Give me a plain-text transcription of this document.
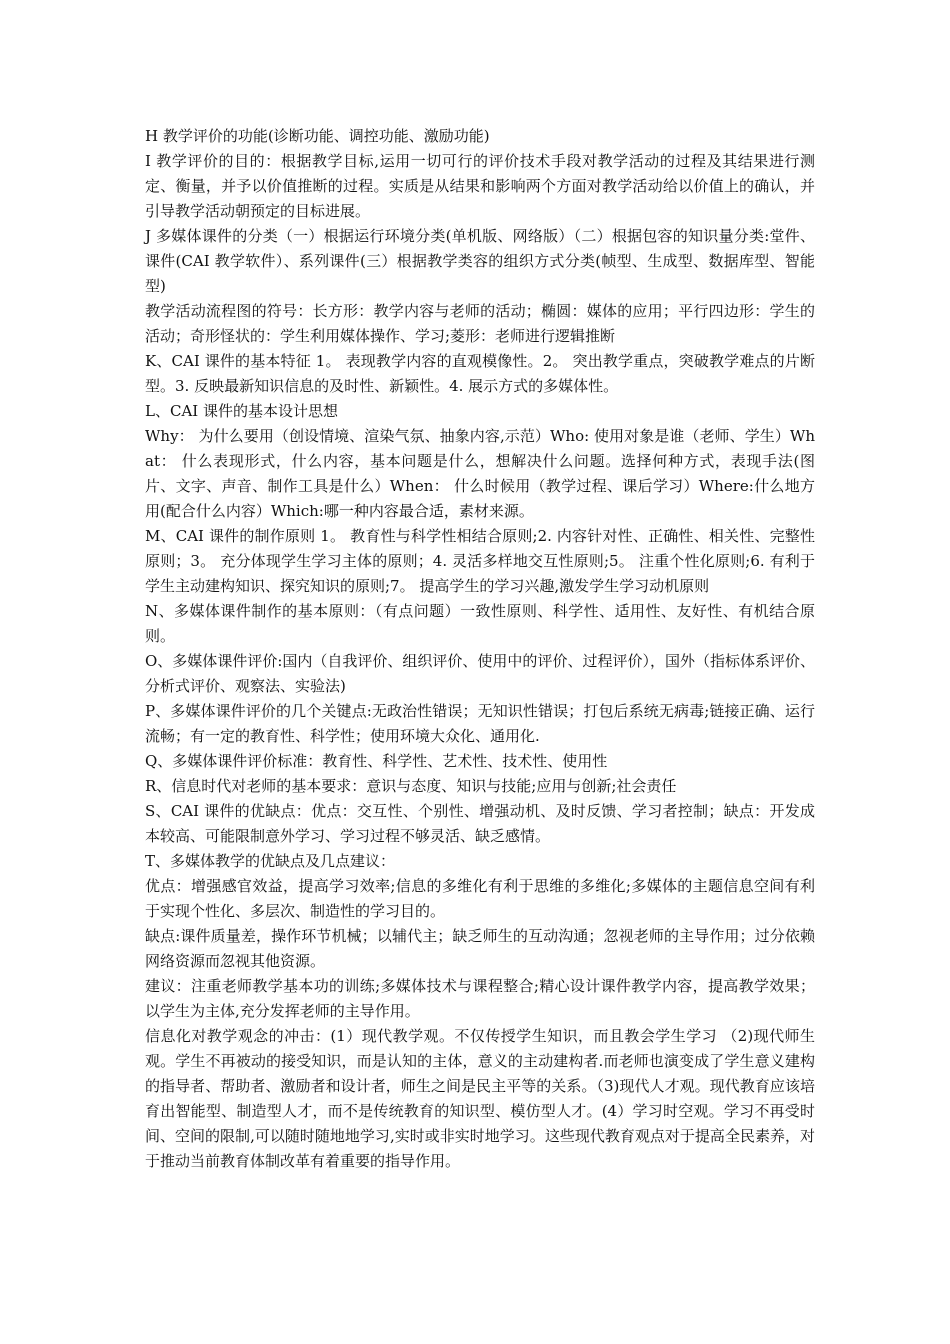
H 教学评价的功能(诊断功能、调控功能、激励功能)

I 教学评价的目的：根据教学目标,运用一切可行的评价技术手段对教学活动的过程及其结果进行测定、衡量，并予以价值推断的过程。实质是从结果和影响两个方面对教学活动给以价值上的确认，并引导教学活动朝预定的目标进展。

J 多媒体课件的分类（一）根据运行环境分类(单机版、网络版）（二）根据包容的知识量分类:堂件、课件(CAI 教学软件）、系列课件(三）根据教学类容的组织方式分类(帧型、生成型、数据库型、智能型)

教学活动流程图的符号：长方形：教学内容与老师的活动；椭圆：媒体的应用；平行四边形：学生的活动；奇形怪状的：学生利用媒体操作、学习;菱形：老师进行逻辑推断

K、CAI 课件的基本特征 1。 表现教学内容的直观模像性。2。 突出教学重点，突破教学难点的片断型。3. 反映最新知识信息的及时性、新颖性。4. 展示方式的多媒体性。

L、CAI 课件的基本设计思想

Why： 为什么要用（创设情境、渲染气氛、抽象内容,示范）Who: 使用对象是谁（老师、学生）What： 什么表现形式，什么内容，基本问题是什么，想解决什么问题。选择何种方式，表现手法(图片、文字、声音、制作工具是什么）When： 什么时候用（教学过程、课后学习）Where:什么地方用(配合什么内容）Which:哪一种内容最合适，素材来源。

M、CAI 课件的制作原则 1。 教育性与科学性相结合原则;2. 内容针对性、正确性、相关性、完整性原则；3。 充分体现学生学习主体的原则；4. 灵活多样地交互性原则;5。 注重个性化原则;6. 有利于学生主动建构知识、探究知识的原则;7。 提高学生的学习兴趣,激发学生学习动机原则

N、多媒体课件制作的基本原则：（有点问题）一致性原则、科学性、适用性、友好性、有机结合原则。

O、多媒体课件评价:国内（自我评价、组织评价、使用中的评价、过程评价），国外（指标体系评价、分析式评价、观察法、实验法)

P、多媒体课件评价的几个关键点:无政治性错误；无知识性错误；打包后系统无病毒;链接正确、运行流畅；有一定的教育性、科学性；使用环境大众化、通用化.

Q、多媒体课件评价标准：教育性、科学性、艺术性、技术性、使用性

R、信息时代对老师的基本要求：意识与态度、知识与技能;应用与创新;社会责任

S、CAI 课件的优缺点：优点：交互性、个别性、增强动机、及时反馈、学习者控制；缺点：开发成本较高、可能限制意外学习、学习过程不够灵活、缺乏感情。

T、多媒体教学的优缺点及几点建议：

优点：增强感官效益，提高学习效率;信息的多维化有利于思维的多维化;多媒体的主题信息空间有利于实现个性化、多层次、制造性的学习目的。

缺点:课件质量差，操作环节机械；以辅代主；缺乏师生的互动沟通；忽视老师的主导作用；过分依赖网络资源而忽视其他资源。

建议：注重老师教学基本功的训练;多媒体技术与课程整合;精心设计课件教学内容，提高教学效果；以学生为主体,充分发挥老师的主导作用。

信息化对教学观念的冲击：(1）现代教学观。不仅传授学生知识，而且教会学生学习 （2)现代师生观。学生不再被动的接受知识，而是认知的主体，意义的主动建构者.而老师也演变成了学生意义建构的指导者、帮助者、激励者和设计者，师生之间是民主平等的关系。（3)现代人才观。现代教育应该培育出智能型、制造型人才，而不是传统教育的知识型、模仿型人才。(4）学习时空观。学习不再受时间、空间的限制,可以随时随地地学习,实时或非实时地学习。这些现代教育观点对于提高全民素养，对于推动当前教育体制改革有着重要的指导作用。
